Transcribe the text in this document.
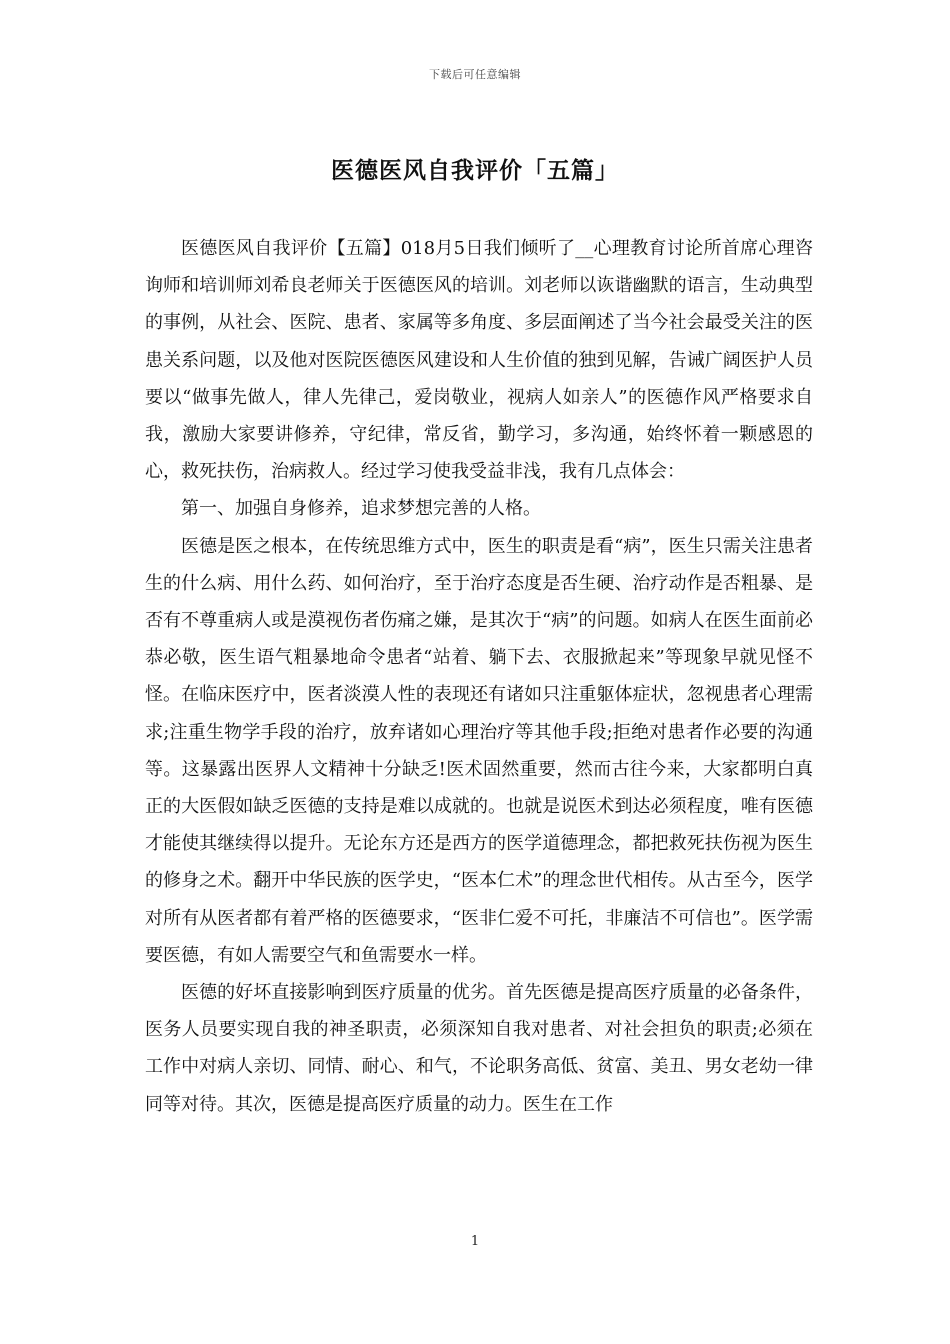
下载后可任意编辑
医德医风自我评价「五篇」

医德医风自我评价【五篇】018月5日我们倾听了__心理教育讨论所首席心理咨询师和培训师刘希良老师关于医德医风的培训。刘老师以诙谐幽默的语言，生动典型的事例，从社会、医院、患者、家属等多角度、多层面阐述了当今社会最受关注的医患关系问题，以及他对医院医德医风建设和人生价值的独到见解，告诫广阔医护人员要以“做事先做人，律人先律己，爱岗敬业，视病人如亲人”的医德作风严格要求自我，激励大家要讲修养，守纪律，常反省，勤学习，多沟通，始终怀着一颗感恩的心，救死扶伤，治病救人。经过学习使我受益非浅，我有几点体会：

第一、加强自身修养，追求梦想完善的人格。

医德是医之根本，在传统思维方式中，医生的职责是看“病”，医生只需关注患者生的什么病、用什么药、如何治疗，至于治疗态度是否生硬、治疗动作是否粗暴、是否有不尊重病人或是漠视伤者伤痛之嫌，是其次于“病”的问题。如病人在医生面前必恭必敬，医生语气粗暴地命令患者“站着、躺下去、衣服掀起来”等现象早就见怪不怪。在临床医疗中，医者淡漠人性的表现还有诸如只注重躯体症状，忽视患者心理需求;注重生物学手段的治疗，放弃诸如心理治疗等其他手段;拒绝对患者作必要的沟通等。这暴露出医界人文精神十分缺乏!医术固然重要，然而古往今来，大家都明白真正的大医假如缺乏医德的支持是难以成就的。也就是说医术到达必须程度，唯有医德才能使其继续得以提升。无论东方还是西方的医学道德理念，都把救死扶伤视为医生的修身之术。翻开中华民族的医学史，“医本仁术”的理念世代相传。从古至今，医学对所有从医者都有着严格的医德要求，“医非仁爱不可托，非廉洁不可信也”。医学需要医德，有如人需要空气和鱼需要水一样。

医德的好坏直接影响到医疗质量的优劣。首先医德是提高医疗质量的必备条件，医务人员要实现自我的神圣职责，必须深知自我对患者、对社会担负的职责;必须在工作中对病人亲切、同情、耐心、和气，不论职务高低、贫富、美丑、男女老幼一律同等对待。其次，医德是提高医疗质量的动力。医生在工作

1
